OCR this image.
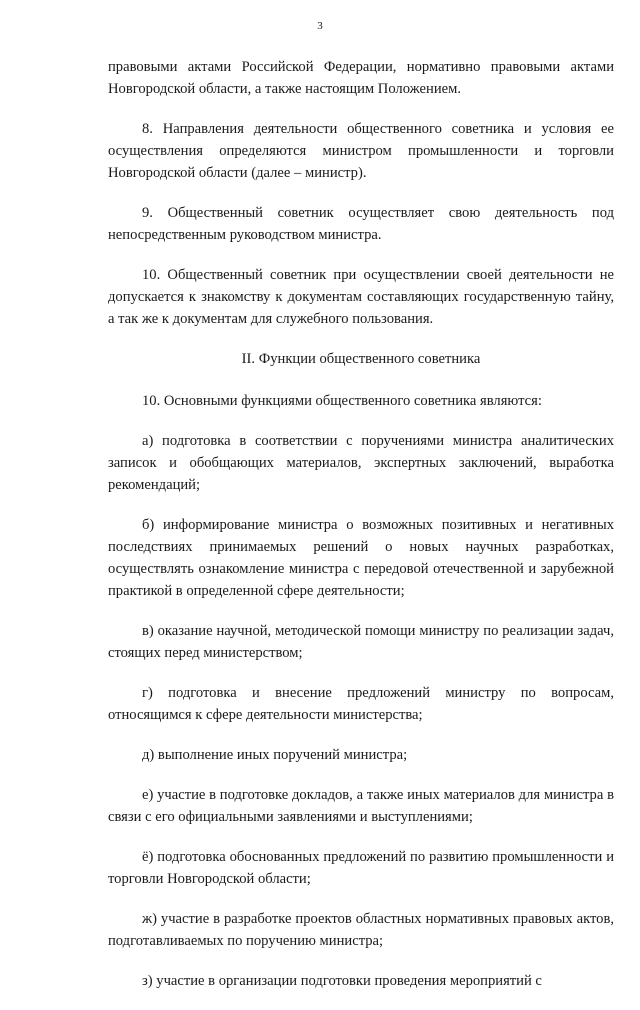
3

правовыми актами Российской Федерации, нормативно правовыми актами Новгородской области, а также настоящим Положением.

8. Направления деятельности общественного советника и условия ее осуществления определяются министром промышленности и торговли Новгородской области (далее – министр).

9. Общественный советник осуществляет свою деятельность под непосредственным руководством министра.

10. Общественный советник при осуществлении своей деятельности не допускается к знакомству к документам составляющих государственную тайну, а так же к документам для служебного пользования.

II. Функции общественного советника

10. Основными функциями общественного советника являются:

а) подготовка в соответствии с поручениями министра аналитических записок и обобщающих материалов, экспертных заключений, выработка рекомендаций;

б) информирование министра о возможных позитивных и негативных последствиях принимаемых решений о новых научных разработках, осуществлять ознакомление министра с передовой отечественной и зарубежной практикой в определенной сфере деятельности;

в) оказание научной, методической помощи министру по реализации задач, стоящих перед министерством;

г) подготовка и внесение предложений министру по вопросам, относящимся к сфере деятельности министерства;

д) выполнение иных поручений министра;

е) участие в подготовке докладов, а также иных материалов для министра в связи с его официальными заявлениями и выступлениями;

ё) подготовка обоснованных предложений по развитию промышленности и торговли Новгородской области;

ж) участие в разработке проектов областных нормативных правовых актов, подготавливаемых по поручению министра;

з) участие в организации подготовки проведения мероприятий с
